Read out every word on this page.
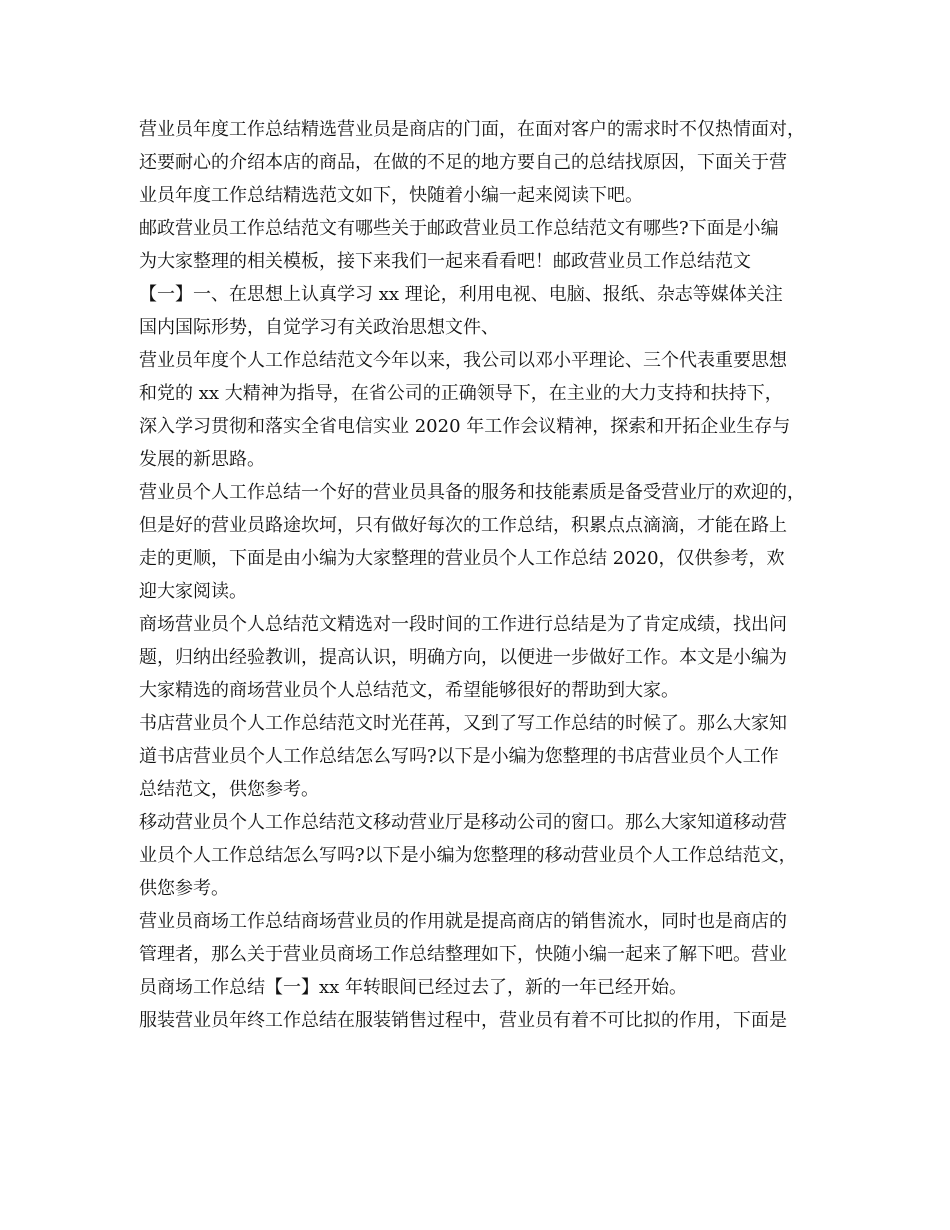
营业员年度工作总结精选营业员是商店的门面，在面对客户的需求时不仅热情面对，
还要耐心的介绍本店的商品，在做的不足的地方要自己的总结找原因，下面关于营
业员年度工作总结精选范文如下，快随着小编一起来阅读下吧。

邮政营业员工作总结范文有哪些关于邮政营业员工作总结范文有哪些?下面是小编
为大家整理的相关模板，接下来我们一起来看看吧！邮政营业员工作总结范文
【一】一、在思想上认真学习 xx 理论，利用电视、电脑、报纸、杂志等媒体关注
国内国际形势，自觉学习有关政治思想文件、

营业员年度个人工作总结范文今年以来，我公司以邓小平理论、三个代表重要思想
和党的 xx 大精神为指导，在省公司的正确领导下，在主业的大力支持和扶持下，
深入学习贯彻和落实全省电信实业 2020 年工作会议精神，探索和开拓企业生存与
发展的新思路。

营业员个人工作总结一个好的营业员具备的服务和技能素质是备受营业厅的欢迎的，
但是好的营业员路途坎坷，只有做好每次的工作总结，积累点点滴滴，才能在路上
走的更顺，下面是由小编为大家整理的营业员个人工作总结 2020，仅供参考，欢
迎大家阅读。

商场营业员个人总结范文精选对一段时间的工作进行总结是为了肯定成绩，找出问
题，归纳出经验教训，提高认识，明确方向，以便进一步做好工作。本文是小编为
大家精选的商场营业员个人总结范文，希望能够很好的帮助到大家。

书店营业员个人工作总结范文时光荏苒，又到了写工作总结的时候了。那么大家知
道书店营业员个人工作总结怎么写吗?以下是小编为您整理的书店营业员个人工作
总结范文，供您参考。

移动营业员个人工作总结范文移动营业厅是移动公司的窗口。那么大家知道移动营
业员个人工作总结怎么写吗?以下是小编为您整理的移动营业员个人工作总结范文，
供您参考。

营业员商场工作总结商场营业员的作用就是提高商店的销售流水，同时也是商店的
管理者，那么关于营业员商场工作总结整理如下，快随小编一起来了解下吧。营业
员商场工作总结【一】xx 年转眼间已经过去了，新的一年已经开始。

服装营业员年终工作总结在服装销售过程中，营业员有着不可比拟的作用，下面是
